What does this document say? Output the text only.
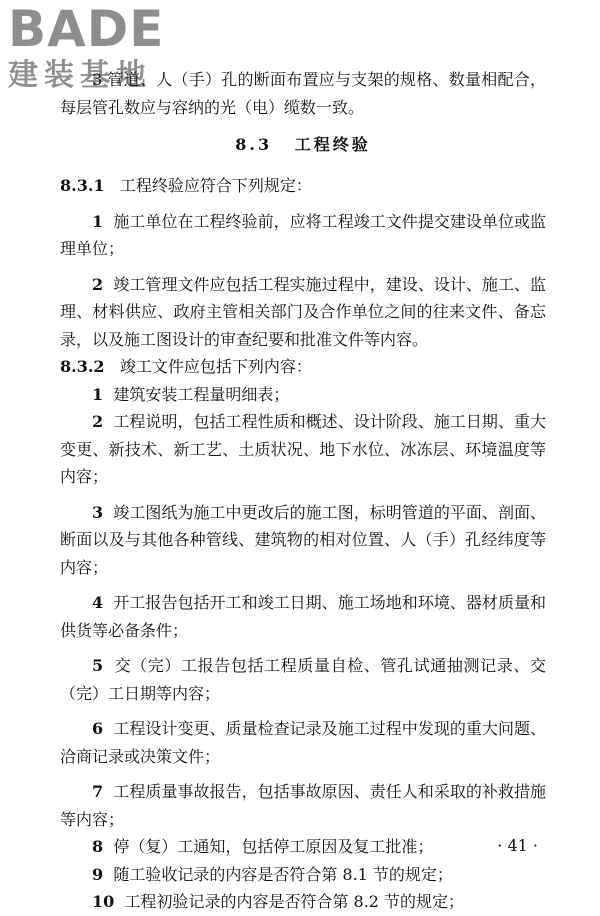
BADE
建装基地

3 管道、人（手）孔的断面布置应与支架的规格、数量相配合，每层管孔数应与容纳的光（电）缆数一致。

8.3 工程终验

8.3.1 工程终验应符合下列规定：

1 施工单位在工程终验前，应将工程竣工文件提交建设单位或监理单位；

2 竣工管理文件应包括工程实施过程中，建设、设计、施工、监理、材料供应、政府主管相关部门及合作单位之间的往来文件、备忘录，以及施工图设计的审查纪要和批准文件等内容。

8.3.2 竣工文件应包括下列内容：

1 建筑安装工程量明细表；

2 工程说明，包括工程性质和概述、设计阶段、施工日期、重大变更、新技术、新工艺、土质状况、地下水位、冰冻层、环境温度等内容；

3 竣工图纸为施工中更改后的施工图，标明管道的平面、剖面、断面以及与其他各种管线、建筑物的相对位置、人（手）孔经纬度等内容；

4 开工报告包括开工和竣工日期、施工场地和环境、器材质量和供货等必备条件；

5 交（完）工报告包括工程质量自检、管孔试通抽测记录、交（完）工日期等内容；

6 工程设计变更、质量检查记录及施工过程中发现的重大问题、洽商记录或决策文件；

7 工程质量事故报告，包括事故原因、责任人和采取的补救措施等内容；

8 停（复）工通知，包括停工原因及复工批准；

9 随工验收记录的内容是否符合第 8.1 节的规定；

10 工程初验记录的内容是否符合第 8.2 节的规定；

· 41 ·
